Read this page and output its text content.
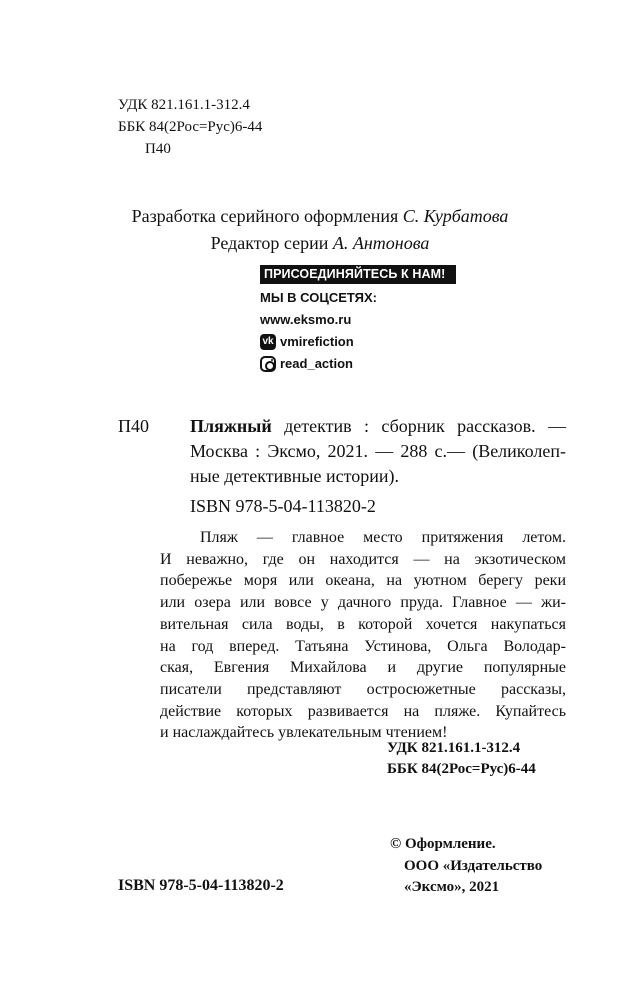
УДК 821.161.1-312.4
ББК 84(2Рос=Рус)6-44
П40
Разработка серийного оформления С. Курбатова
Редактор серии А. Антонова
ПРИСОЕДИНЯЙТЕСЬ К НАМ!
МЫ В СОЦСЕТЯХ:
www.eksmo.ru
vk vmirefiction
read_action
П40 Пляжный детектив : сборник рассказов. —
Москва : Эксмо, 2021. — 288 с.— (Великолеп-
ные детективные истории).
ISBN 978-5-04-113820-2
Пляж — главное место притяжения летом.
И неважно, где он находится — на экзотическом
побережье моря или океана, на уютном берегу реки
или озера или вовсе у дачного пруда. Главное — жи-
вительная сила воды, в которой хочется накупаться
на год вперед. Татьяна Устинова, Ольга Володар-
ская, Евгения Михайлова и другие популярные
писатели представляют остросюжетные рассказы,
действие которых развивается на пляже. Купайтесь
и наслаждайтесь увлекательным чтением!
УДК 821.161.1-312.4
ББК 84(2Рос=Рус)6-44
© Оформление.
ООО «Издательство
«Эксмо», 2021
ISBN 978-5-04-113820-2
